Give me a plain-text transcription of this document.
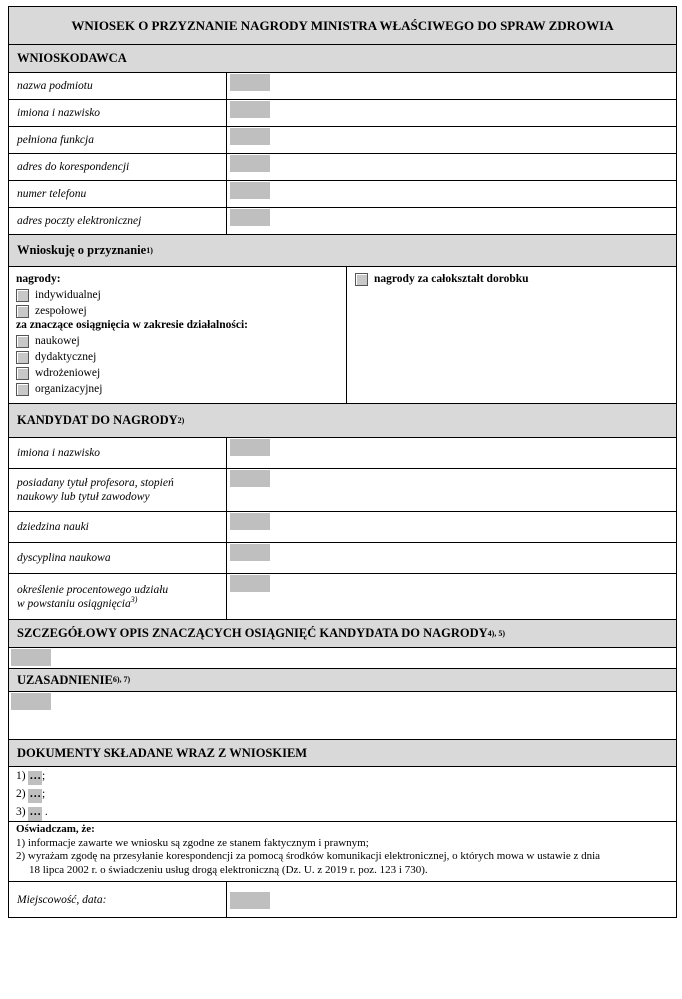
WNIOSEK O PRZYZNANIE NAGRODY MINISTRA WŁAŚCIWEGO DO SPRAW ZDROWIA
WNIOSKODAWCA
nazwa podmiotu
imiona i nazwisko
pełniona funkcja
adres do korespondencji
numer telefonu
adres poczty elektronicznej
Wnioskuję o przyznanie 1)
nagrody:
indywidualnej
zespołowej
za znaczące osiągnięcia w zakresie działalności:
naukowej
dydaktycznej
wdrożeniowej
organizacyjnej
nagrody za całokształt dorobku
KANDYDAT DO NAGRODY 2)
imiona i nazwisko
posiadany tytuł profesora, stopień
naukowy lub tytuł zawodowy
dziedzina nauki
dyscyplina naukowa
określenie procentowego udziału
w powstaniu osiągnięcia$^{3)}$
SZCZEGÓŁOWY OPIS ZNACZĄCYCH OSIĄGNIĘĆ KANDYDATA DO NAGRODY 4), 5)
UZASADNIENIE 6), 7)
DOKUMENTY SKŁADANE WRAZ Z WNIOSKIEM
1) …;
2) …;
3) … .
Oświadczam, że:
1) informacje zawarte we wniosku są zgodne ze stanem faktycznym i prawnym;
2) wyrażam zgodę na przesyłanie korespondencji za pomocą środków komunikacji elektronicznej, o których mowa w ustawie z dnia
18 lipca 2002 r. o świadczeniu usług drogą elektroniczną (Dz. U. z 2019 r. poz. 123 i 730).
Miejscowość, data:
